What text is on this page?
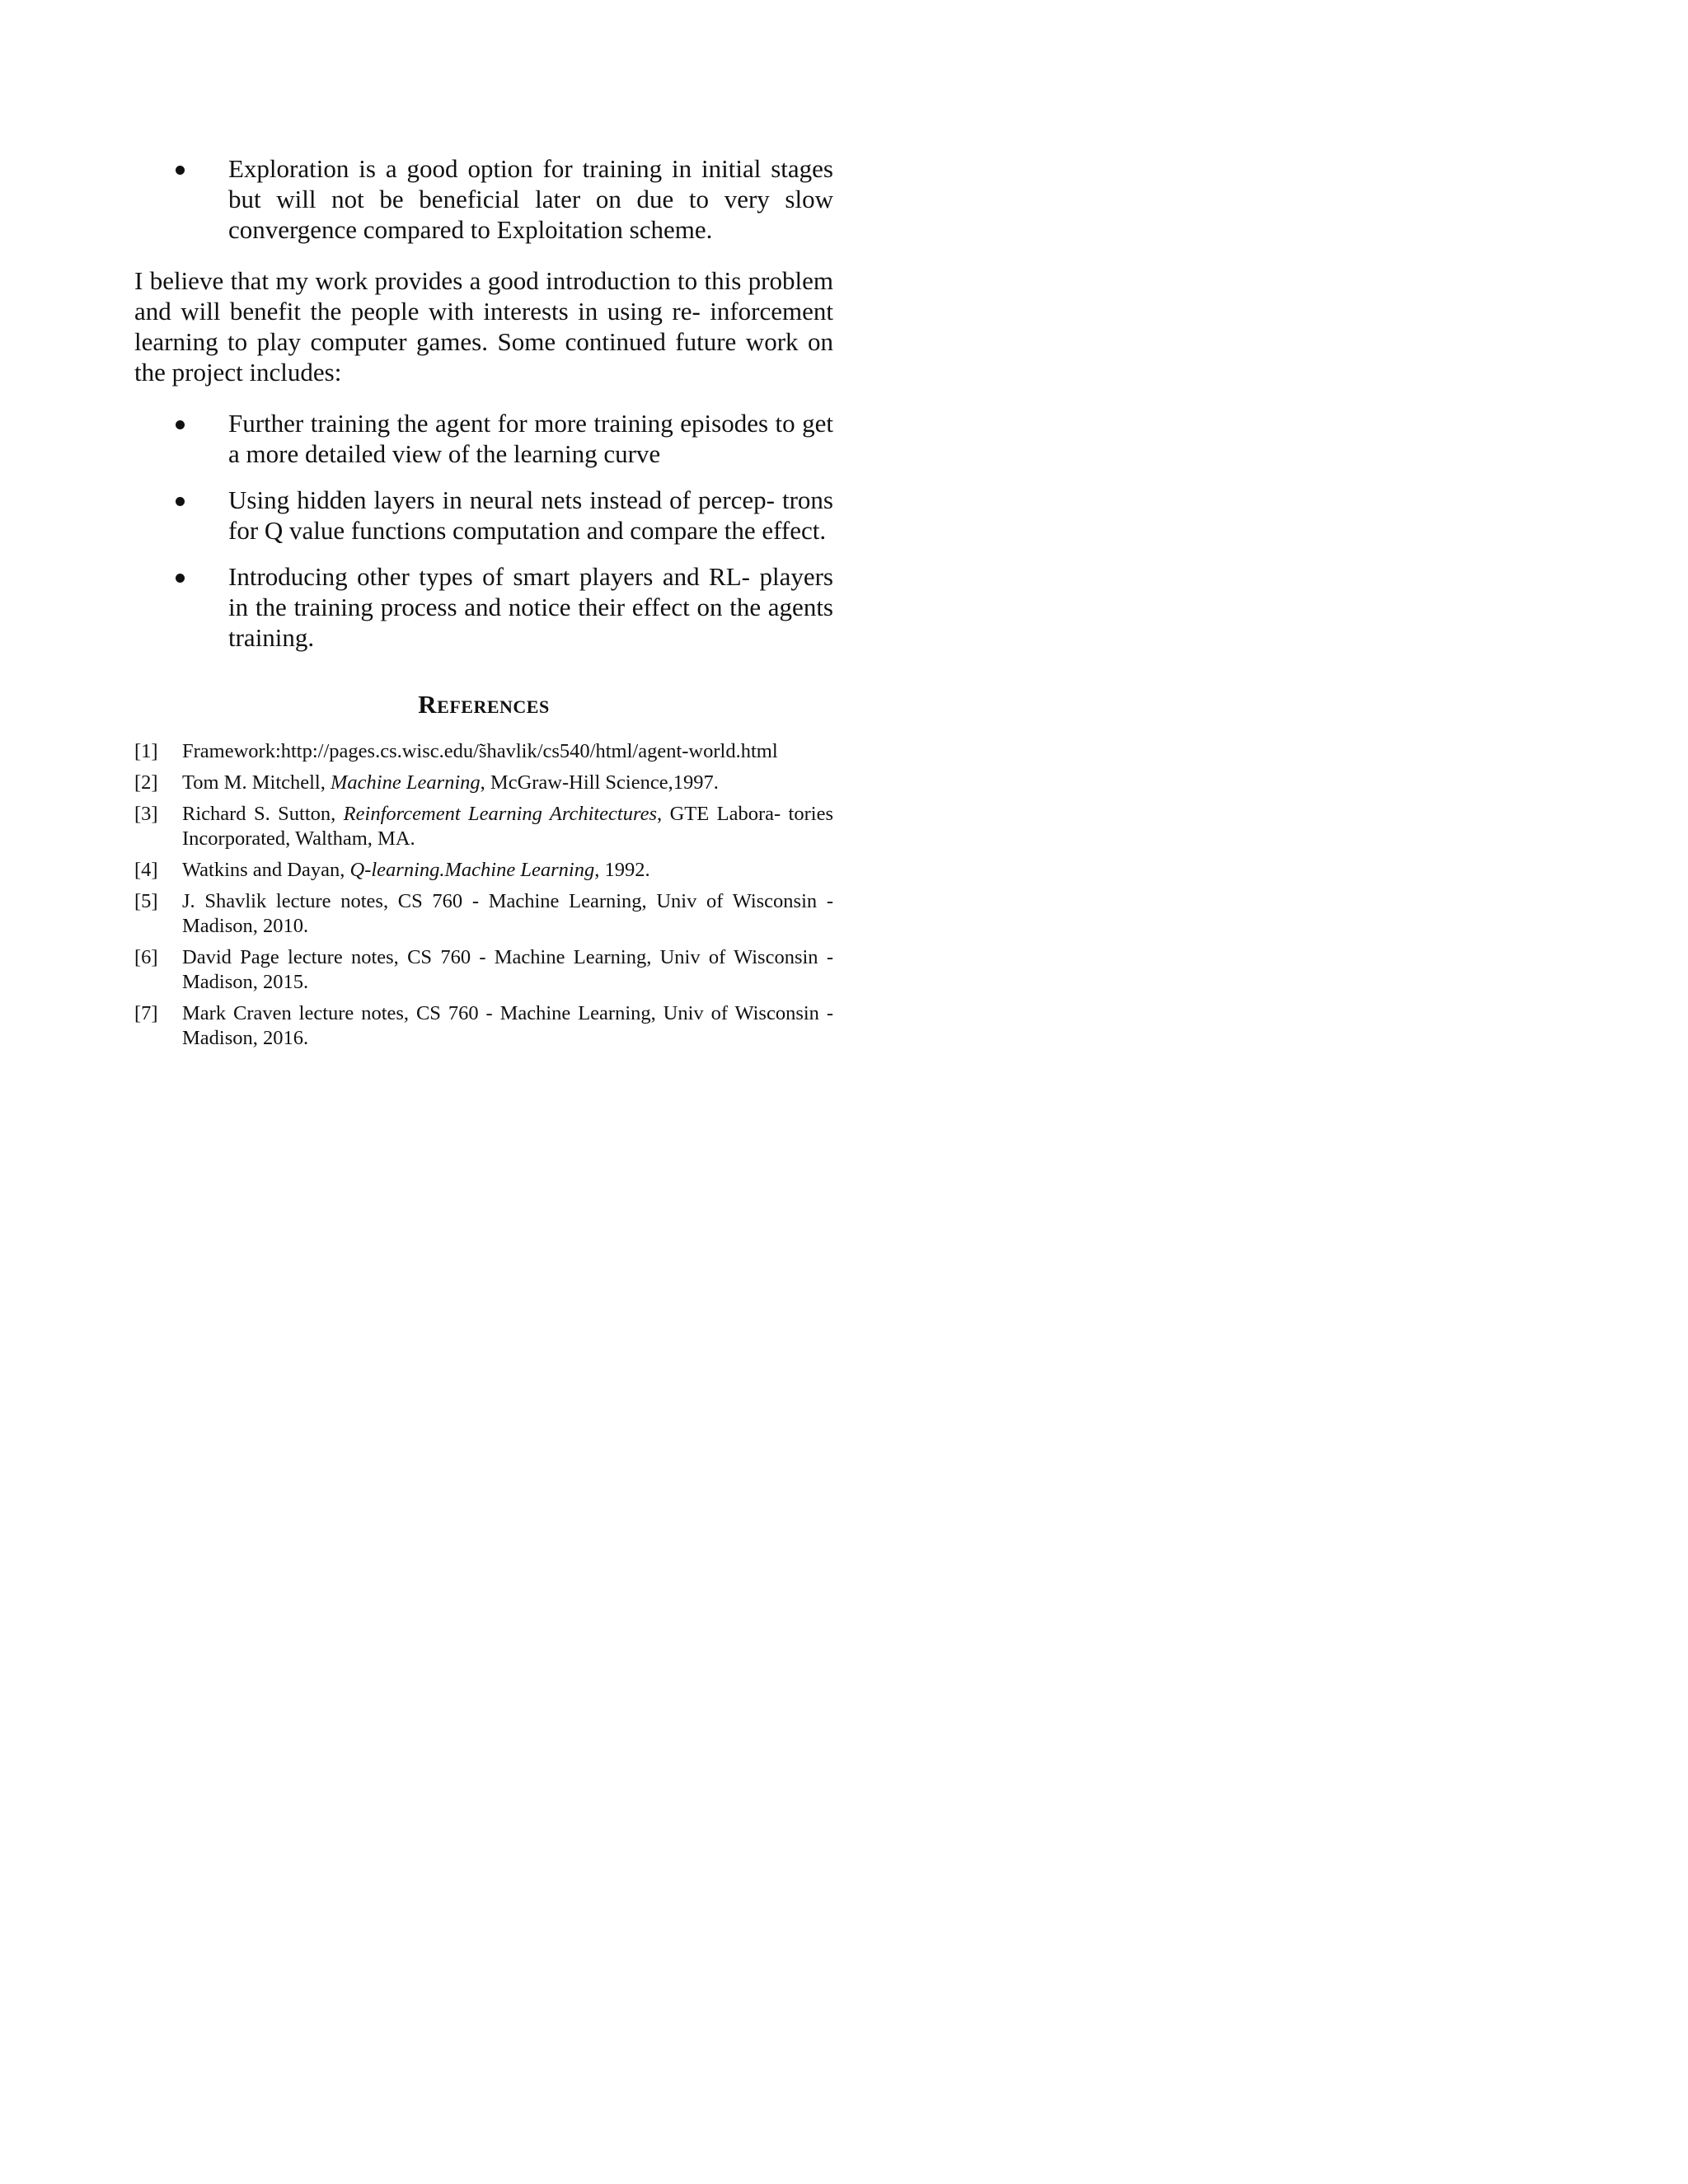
Exploration is a good option for training in initial stages but will not be beneficial later on due to very slow convergence compared to Exploitation scheme.

I believe that my work provides a good introduction to this problem and will benefit the people with interests in using re- inforcement learning to play computer games. Some continued future work on the project includes:

Further training the agent for more training episodes to get a more detailed view of the learning curve
Using hidden layers in neural nets instead of percep- trons for Q value functions computation and compare the effect.
Introducing other types of smart players and RL- players in the training process and notice their effect on the agents training.
References
[1] Framework:http://pages.cs.wisc.edu/̃shavlik/cs540/html/agent-world.html
[2] Tom M. Mitchell, Machine Learning, McGraw-Hill Science,1997.
[3] Richard S. Sutton, Reinforcement Learning Architectures, GTE Labora- tories Incorporated, Waltham, MA.
[4] Watkins and Dayan, Q-learning.Machine Learning, 1992.
[5] J. Shavlik lecture notes, CS 760 - Machine Learning, Univ of Wisconsin - Madison, 2010.
[6] David Page lecture notes, CS 760 - Machine Learning, Univ of Wisconsin - Madison, 2015.
[7] Mark Craven lecture notes, CS 760 - Machine Learning, Univ of Wisconsin - Madison, 2016.
